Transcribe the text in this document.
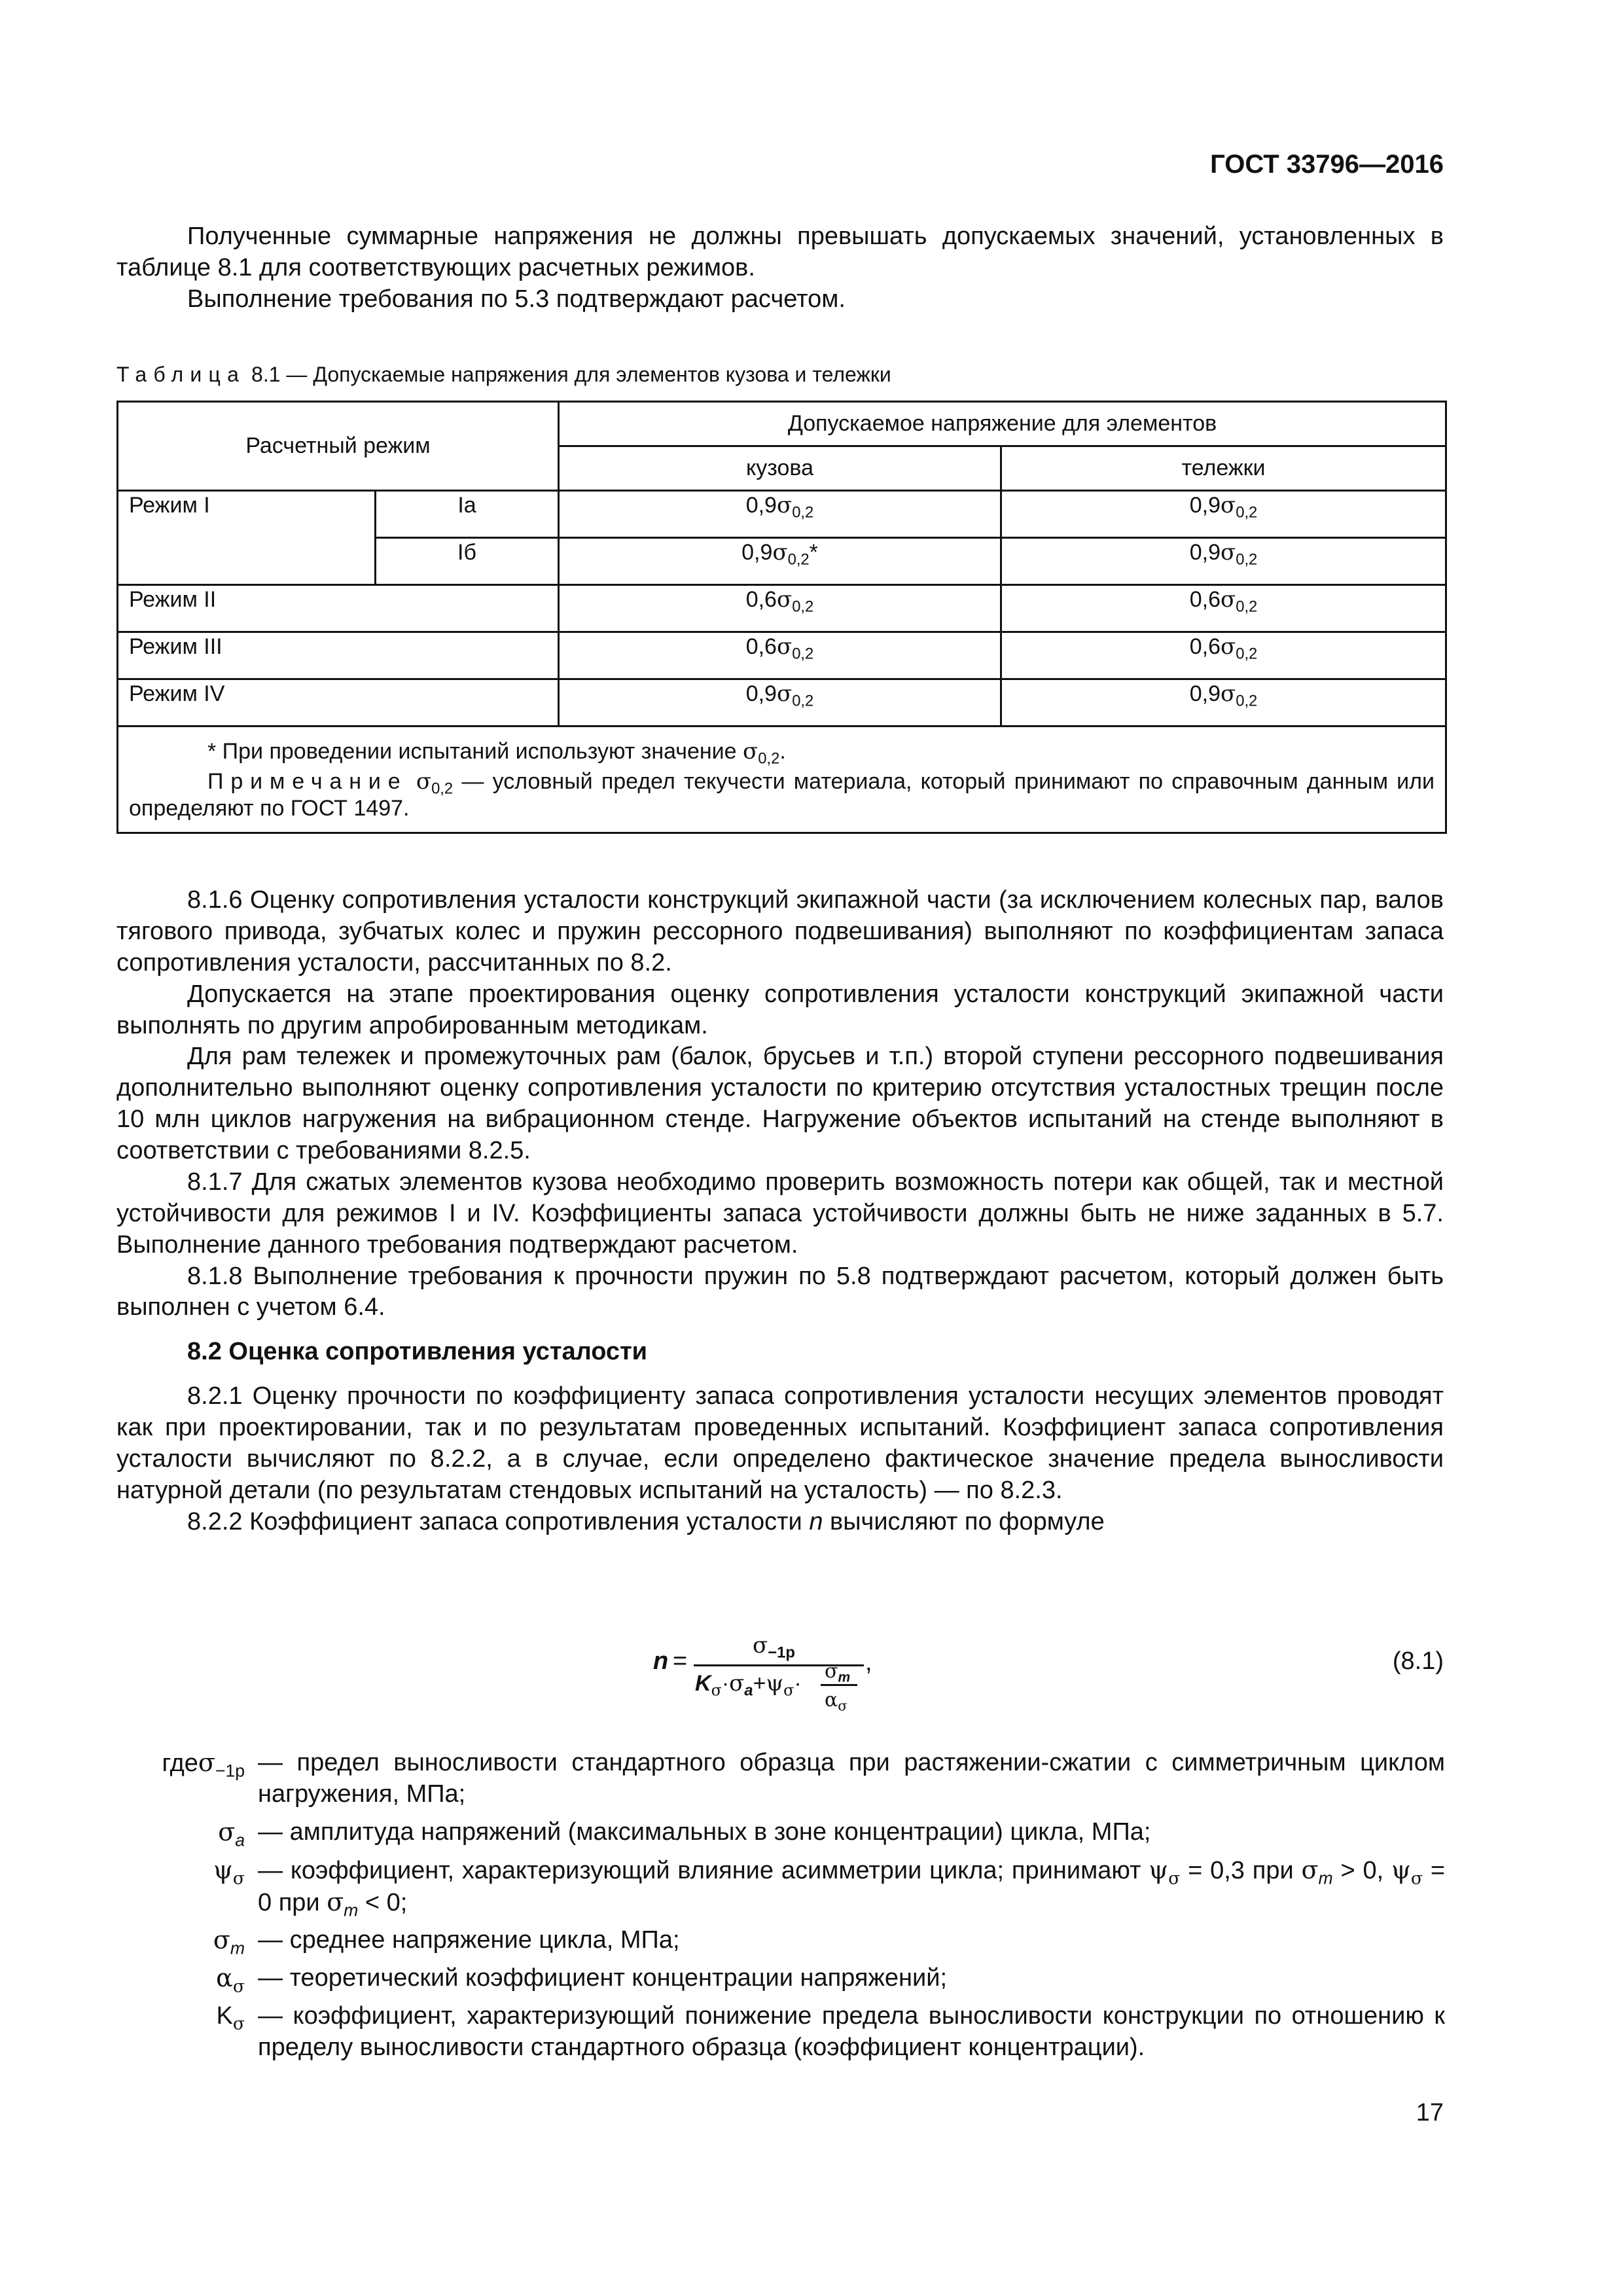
ГОСТ 33796—2016

Полученные суммарные напряжения не должны превышать допускаемых значений, установленных в таблице 8.1 для соответствующих расчетных режимов.

Выполнение требования по 5.3 подтверждают расчетом.

Таблица 8.1 — Допускаемые напряжения для элементов кузова и тележки
Расчетный режим		Допускаемое напряжение для элементов	
		кузова	тележки
Режим I	Iа	$0,9\sigma_{0,2}$	$0,9\sigma_{0,2}$
	Iб	$0,9\sigma_{0,2}*$	$0,9\sigma_{0,2}$
Режим II		$0,6\sigma_{0,2}$	$0,6\sigma_{0,2}$
Режим III		$0,6\sigma_{0,2}$	$0,6\sigma_{0,2}$
Режим IV		$0,9\sigma_{0,2}$	$0,9\sigma_{0,2}$

* При проведении испытаний используют значение $\sigma_{0,2}$.

Примечание $\sigma_{0,2}$ — условный предел текучести материала, который принимают по справочным данным или определяют по ГОСТ 1497.			

8.1.6 Оценку сопротивления усталости конструкций экипажной части (за исключением колесных пар, валов тягового привода, зубчатых колес и пружин рессорного подвешивания) выполняют по коэффициентам запаса сопротивления усталости, рассчитанных по 8.2.

Допускается на этапе проектирования оценку сопротивления усталости конструкций экипажной части выполнять по другим апробированным методикам.

Для рам тележек и промежуточных рам (балок, брусьев и т.п.) второй ступени рессорного подвешивания дополнительно выполняют оценку сопротивления усталости по критерию отсутствия усталостных трещин после 10 млн циклов нагружения на вибрационном стенде. Нагружение объектов испытаний на стенде выполняют в соответствии с требованиями 8.2.5.

8.1.7 Для сжатых элементов кузова необходимо проверить возможность потери как общей, так и местной устойчивости для режимов I и IV. Коэффициенты запаса устойчивости должны быть не ниже заданных в 5.7. Выполнение данного требования подтверждают расчетом.

8.1.8 Выполнение требования к прочности пружин по 5.8 подтверждают расчетом, который должен быть выполнен с учетом 6.4.

8.2 Оценка сопротивления усталости

8.2.1 Оценку прочности по коэффициенту запаса сопротивления усталости несущих элементов проводят как при проектировании, так и по результатам проведенных испытаний. Коэффициент запаса сопротивления усталости вычисляют по 8.2.2, а в случае, если определено фактическое значение предела выносливости натурной детали (по результатам стендовых испытаний на усталость) — по 8.2.3.

8.2.2 Коэффициент запаса сопротивления усталости n вычисляют по формуле

n =
$\sigma_{-1p}$	,
$K_\sigma\cdot\sigma_a+\psi_\sigma\cdot \sigma_m$
$\alpha_\sigma$
(8.1)
гдеσ$_{-1p}$ — предел выносливости стандартного образца при растяжении-сжатии с симметричным циклом нагружения, МПа;
$\sigma_a$ — амплитуда напряжений (максимальных в зоне концентрации) цикла, МПа;
$\psi_\sigma$ — коэффициент, характеризующий влияние асимметрии цикла; принимают $\psi_\sigma = 0,3$ при $\sigma_m > 0$, $\psi_\sigma = 0$ при $\sigma_m < 0$;
$\sigma_m$ — среднее напряжение цикла, МПа;
$\alpha_\sigma$ — теоретический коэффициент концентрации напряжений;
$K_\sigma$ — коэффициент, характеризующий понижение предела выносливости конструкции по отношению к пределу выносливости стандартного образца (коэффициент концентрации).
17
